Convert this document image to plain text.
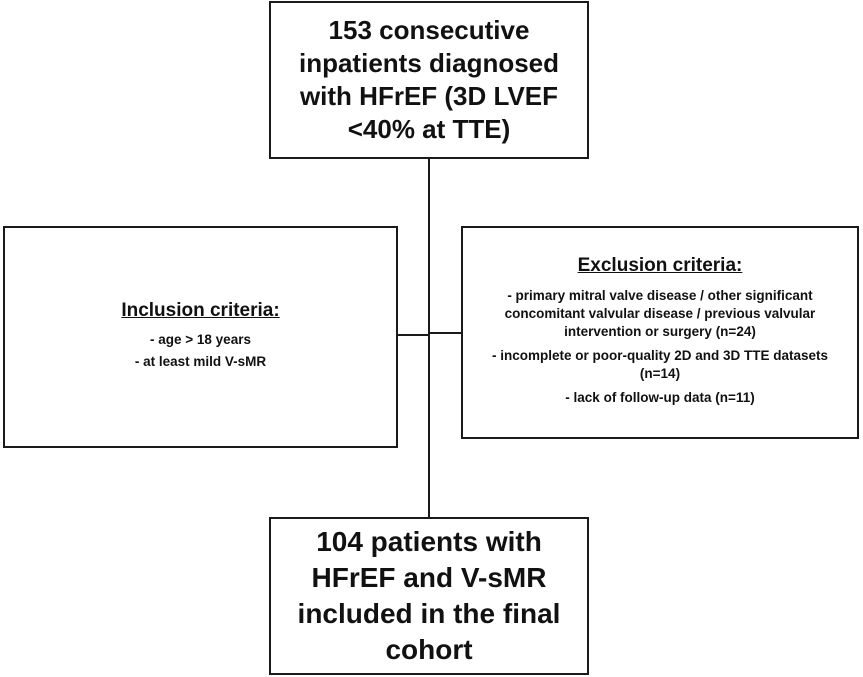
153 consecutive inpatients diagnosed with HFrEF (3D LVEF <40% at TTE)
Inclusion criteria:
- age > 18 years
- at least mild V-sMR
Exclusion criteria:
- primary mitral valve disease / other significant concomitant valvular disease / previous valvular intervention or surgery (n=24)
- incomplete or poor-quality 2D and 3D TTE datasets (n=14)
- lack of follow-up data (n=11)
104 patients with HFrEF and V-sMR included in the final cohort
